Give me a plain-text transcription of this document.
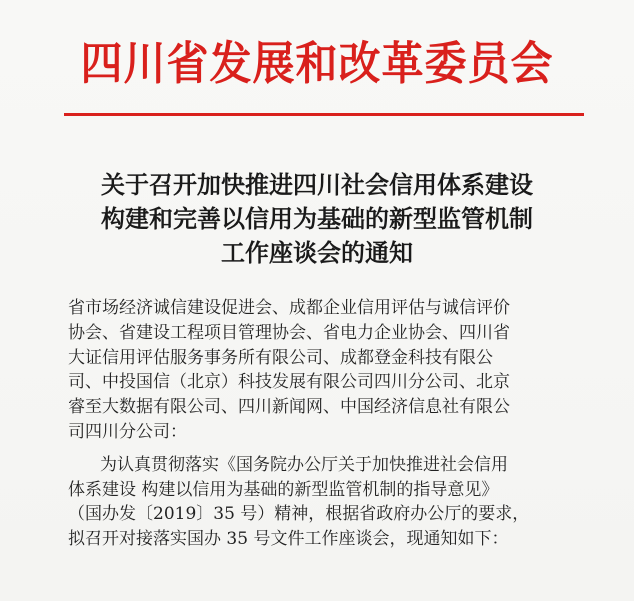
四川省发展和改革委员会
关于召开加快推进四川社会信用体系建设
构建和完善以信用为基础的新型监管机制
工作座谈会的通知
省市场经济诚信建设促进会、成都企业信用评估与诚信评价
协会、省建设工程项目管理协会、省电力企业协会、四川省
大证信用评估服务事务所有限公司、成都登金科技有限公
司、中投国信（北京）科技发展有限公司四川分公司、北京
睿至大数据有限公司、四川新闻网、中国经济信息社有限公
司四川分公司：
为认真贯彻落实《国务院办公厅关于加快推进社会信用
体系建设 构建以信用为基础的新型监管机制的指导意见》
（国办发〔2019〕35 号）精神，根据省政府办公厅的要求，
拟召开对接落实国办 35 号文件工作座谈会，现通知如下：
